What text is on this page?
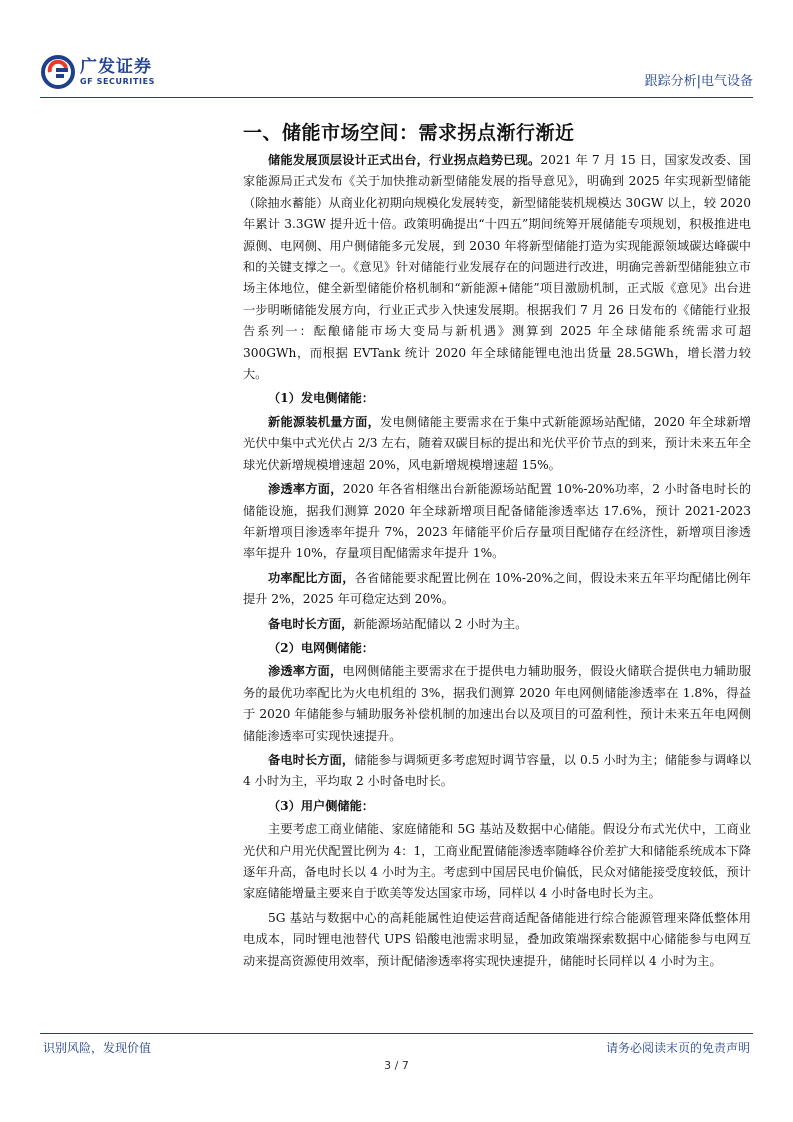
广发证券
GF SECURITIES	跟踪分析|电气设备
一、储能市场空间：需求拐点渐行渐近

储能发展顶层设计正式出台，行业拐点趋势已现。2021 年 7 月 15 日，国家发改委、国家能源局正式发布《关于加快推动新型储能发展的指导意见》，明确到 2025 年实现新型储能（除抽水蓄能）从商业化初期向规模化发展转变，新型储能装机规模达 30GW 以上，较 2020 年累计 3.3GW 提升近十倍。政策明确提出“十四五”期间统筹开展储能专项规划，积极推进电源侧、电网侧、用户侧储能多元发展，到 2030 年将新型储能打造为实现能源领域碳达峰碳中和的关键支撑之一。《意见》针对储能行业发展存在的问题进行改进，明确完善新型储能独立市场主体地位，健全新型储能价格机制和“新能源+储能”项目激励机制，正式版《意见》出台进一步明晰储能发展方向，行业正式步入快速发展期。根据我们 7 月 26 日发布的《储能行业报告系列一：酝酿储能市场大变局与新机遇》测算到 2025 年全球储能系统需求可超 300GWh，而根据 EVTank 统计 2020 年全球储能锂电池出货量 28.5GWh，增长潜力较大。

（1）发电侧储能：

新能源装机量方面，发电侧储能主要需求在于集中式新能源场站配储，2020 年全球新增光伏中集中式光伏占 2/3 左右，随着双碳目标的提出和光伏平价节点的到来，预计未来五年全球光伏新增规模增速超 20%，风电新增规模增速超 15%。

渗透率方面，2020 年各省相继出台新能源场站配置 10%-20%功率，2 小时备电时长的储能设施，据我们测算 2020 年全球新增项目配备储能渗透率达 17.6%，预计 2021-2023 年新增项目渗透率年提升 7%，2023 年储能平价后存量项目配储存在经济性，新增项目渗透率年提升 10%，存量项目配储需求年提升 1%。

功率配比方面，各省储能要求配置比例在 10%-20%之间，假设未来五年平均配储比例年提升 2%，2025 年可稳定达到 20%。

备电时长方面，新能源场站配储以 2 小时为主。

（2）电网侧储能：

渗透率方面，电网侧储能主要需求在于提供电力辅助服务，假设火储联合提供电力辅助服务的最优功率配比为火电机组的 3%，据我们测算 2020 年电网侧储能渗透率在 1.8%，得益于 2020 年储能参与辅助服务补偿机制的加速出台以及项目的可盈利性，预计未来五年电网侧储能渗透率可实现快速提升。

备电时长方面，储能参与调频更多考虑短时调节容量，以 0.5 小时为主；储能参与调峰以 4 小时为主，平均取 2 小时备电时长。

（3）用户侧储能：

主要考虑工商业储能、家庭储能和 5G 基站及数据中心储能。假设分布式光伏中，工商业光伏和户用光伏配置比例为 4：1，工商业配置储能渗透率随峰谷价差扩大和储能系统成本下降逐年升高，备电时长以 4 小时为主。考虑到中国居民电价偏低，民众对储能接受度较低，预计家庭储能增量主要来自于欧美等发达国家市场，同样以 4 小时备电时长为主。

5G 基站与数据中心的高耗能属性迫使运营商适配备储能进行综合能源管理来降低整体用电成本，同时锂电池替代 UPS 铅酸电池需求明显，叠加政策端探索数据中心储能参与电网互动来提高资源使用效率，预计配储渗透率将实现快速提升，储能时长同样以 4 小时为主。

识别风险，发现价值	请务必阅读末页的免责声明
3 / 7
